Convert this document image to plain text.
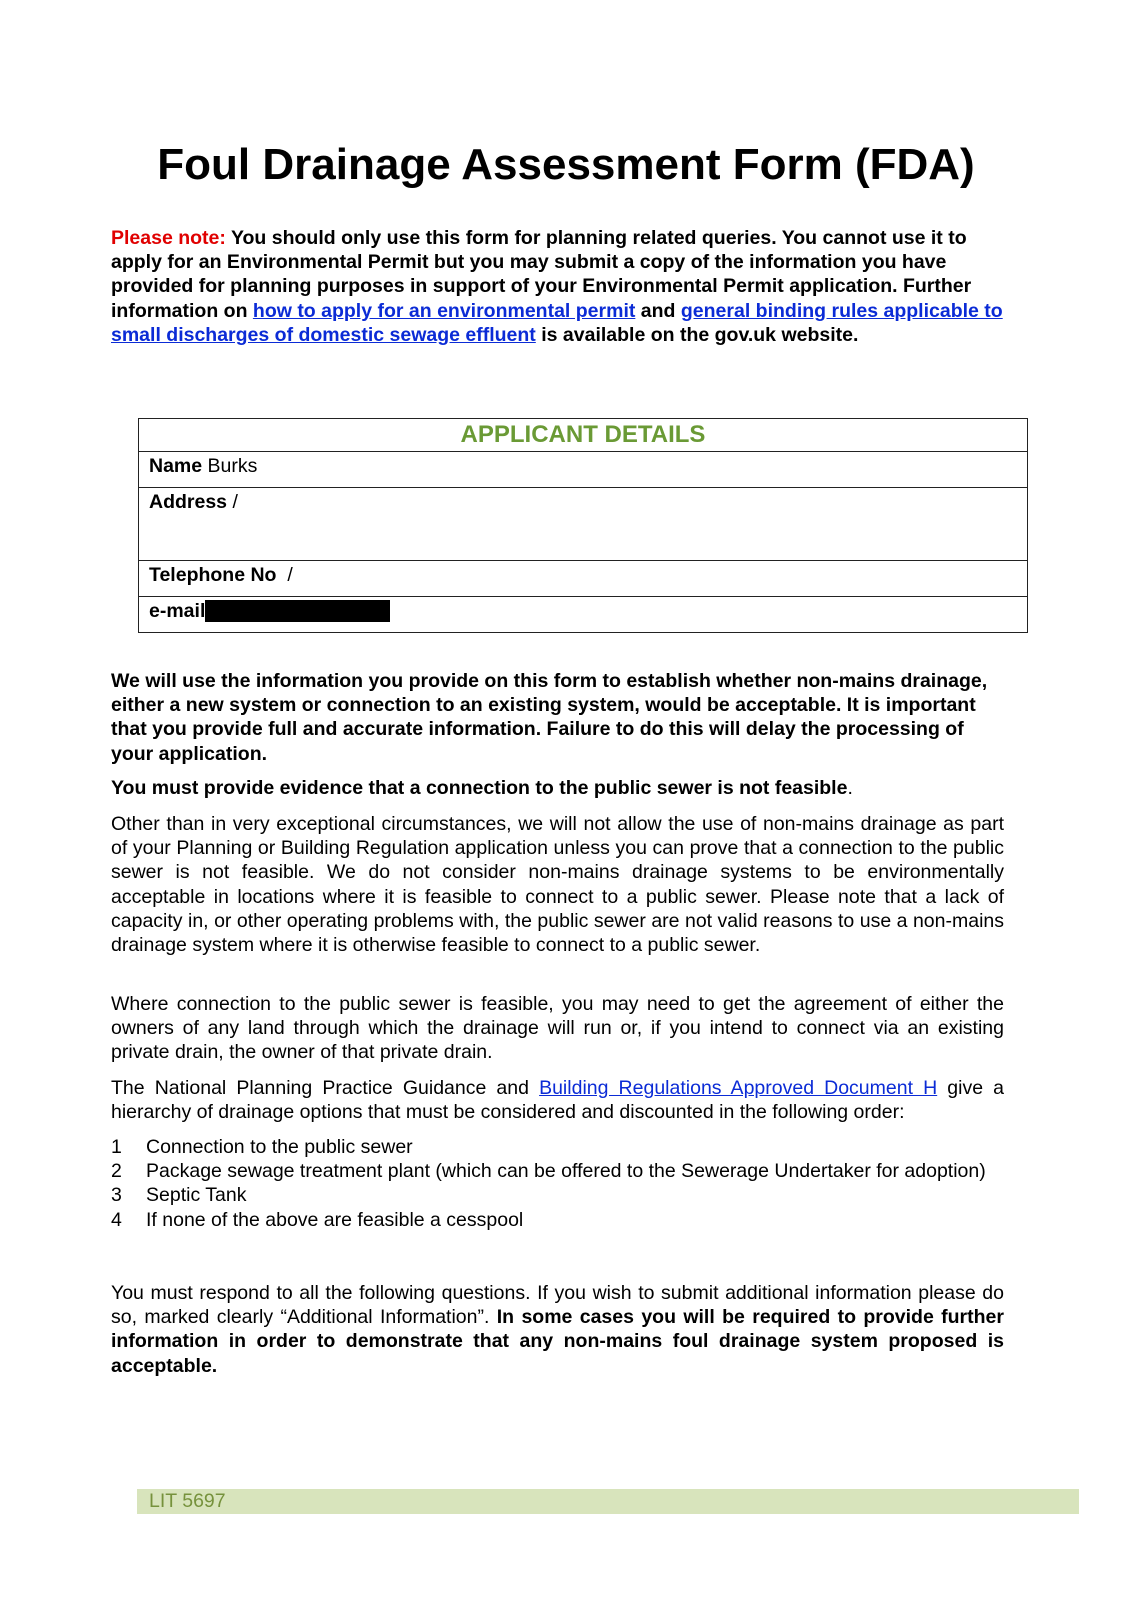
Foul Drainage Assessment Form (FDA)

Please note: You should only use this form for planning related queries. You cannot use it to apply for an Environmental Permit but you may submit a copy of the information you have provided for planning purposes in support of your Environmental Permit application. Further information on how to apply for an environmental permit and general binding rules applicable to small discharges of domestic sewage effluent is available on the gov.uk website.

APPLICANT DETAILS
Name Burks
Address /
Telephone No  /
e-mail

We will use the information you provide on this form to establish whether non-mains drainage, either a new system or connection to an existing system, would be acceptable. It is important that you provide full and accurate information. Failure to do this will delay the processing of your application.

You must provide evidence that a connection to the public sewer is not feasible.

Other than in very exceptional circumstances, we will not allow the use of non-mains drainage as part of your Planning or Building Regulation application unless you can prove that a connection to the public sewer is not feasible. We do not consider non-mains drainage systems to be environmentally acceptable in locations where it is feasible to connect to a public sewer. Please note that a lack of capacity in, or other operating problems with, the public sewer are not valid reasons to use a non-mains drainage system where it is otherwise feasible to connect to a public sewer.

Where connection to the public sewer is feasible, you may need to get the agreement of either the owners of any land through which the drainage will run or, if you intend to connect via an existing private drain, the owner of that private drain.

The National Planning Practice Guidance and Building Regulations Approved Document H give a hierarchy of drainage options that must be considered and discounted in the following order:

1 Connection to the public sewer
2 Package sewage treatment plant (which can be offered to the Sewerage Undertaker for adoption)
3 Septic Tank
4 If none of the above are feasible a cesspool

You must respond to all the following questions. If you wish to submit additional information please do so, marked clearly “Additional Information”. In some cases you will be required to provide further information in order to demonstrate that any non-mains foul drainage system proposed is acceptable.

LIT 5697
